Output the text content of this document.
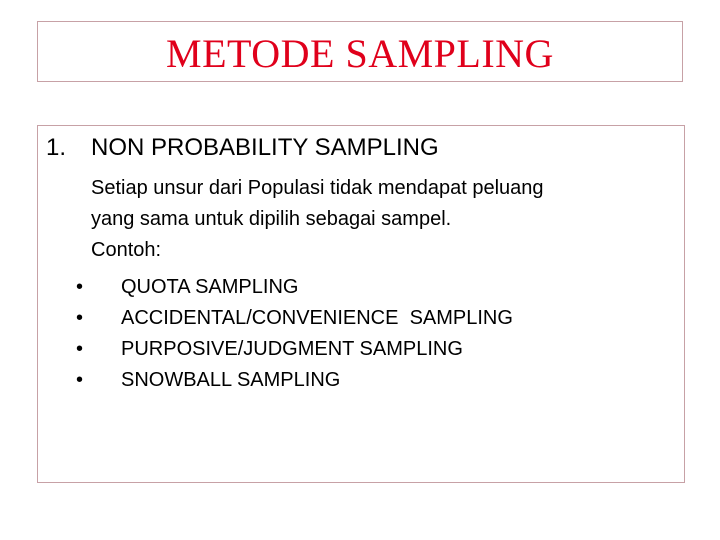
METODE SAMPLING
1. NON PROBABILITY SAMPLING
Setiap unsur dari Populasi tidak mendapat peluang
yang sama untuk dipilih sebagai sampel.
Contoh:
•	QUOTA SAMPLING
•	ACCIDENTAL/CONVENIENCE  SAMPLING
•	PURPOSIVE/JUDGMENT SAMPLING
•	SNOWBALL SAMPLING
